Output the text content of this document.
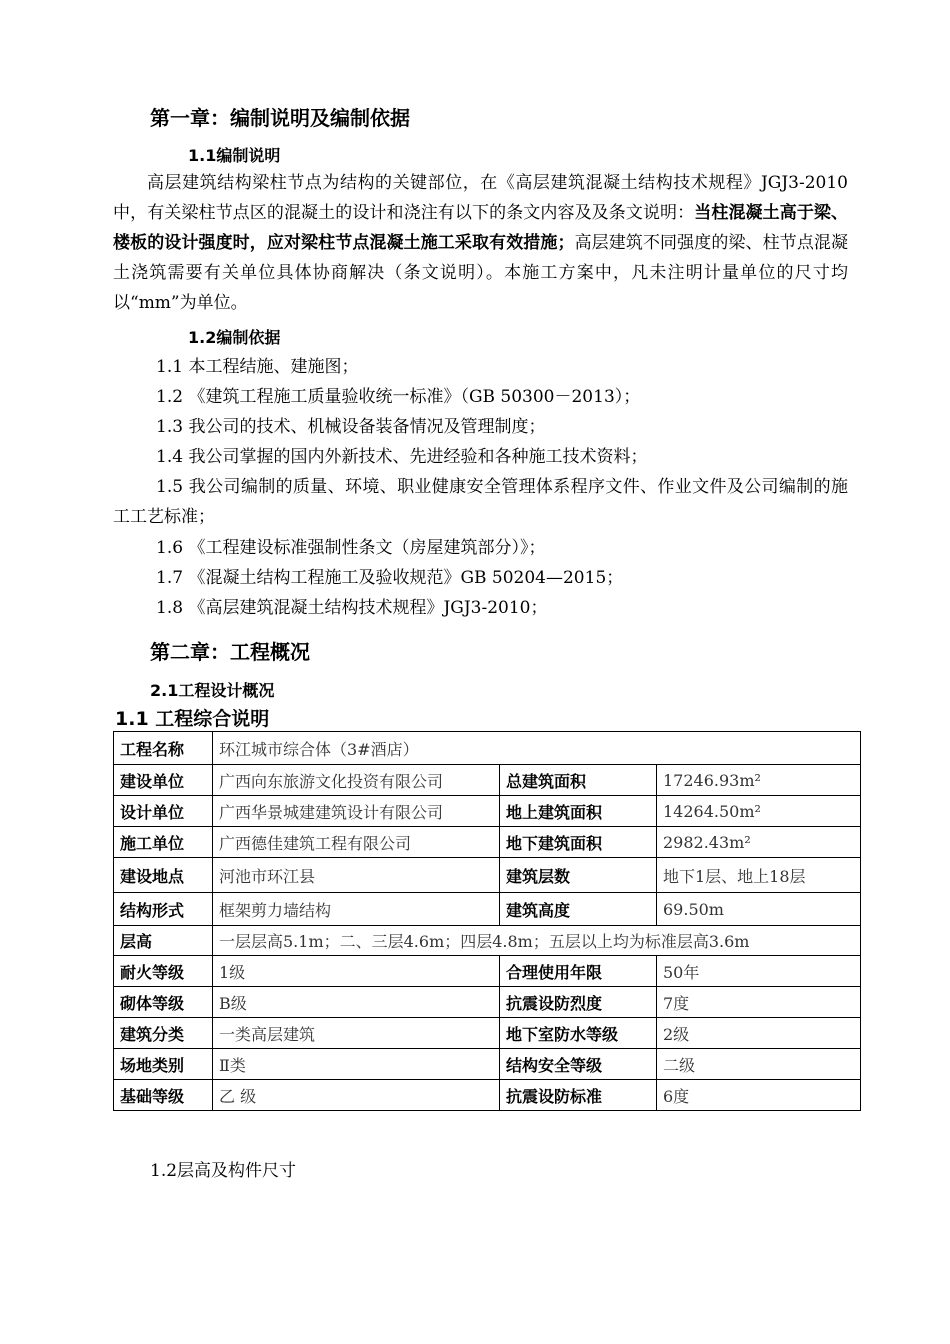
第一章：编制说明及编制依据
1.1编制说明
高层建筑结构梁柱节点为结构的关键部位，在《高层建筑混凝土结构技术规程》JGJ3-2010中，有关梁柱节点区的混凝土的设计和浇注有以下的条文内容及及条文说明：当柱混凝土高于梁、楼板的设计强度时，应对梁柱节点混凝土施工采取有效措施；高层建筑不同强度的梁、柱节点混凝土浇筑需要有关单位具体协商解决（条文说明）。本施工方案中，凡未注明计量单位的尺寸均以“mm”为单位。
1.2编制依据
1.1 本工程结施、建施图；
1.2 《建筑工程施工质量验收统一标准》（GB 50300－2013）；
1.3 我公司的技术、机械设备装备情况及管理制度；
1.4 我公司掌握的国内外新技术、先进经验和各种施工技术资料；
1.5 我公司编制的质量、环境、职业健康安全管理体系程序文件、作业文件及公司编制的施工工艺标准；
1.6 《工程建设标准强制性条文（房屋建筑部分）》；
1.7 《混凝土结构工程施工及验收规范》GB 50204—2015；
1.8 《高层建筑混凝土结构技术规程》JGJ3-2010；
第二章：工程概况
2.1工程设计概况
1.1 工程综合说明
工程名称	环江城市综合体（3#酒店）		
建设单位	广西向东旅游文化投资有限公司	总建筑面积	17246.93m²
设计单位	广西华景城建建筑设计有限公司	地上建筑面积	14264.50m²
施工单位	广西德佳建筑工程有限公司	地下建筑面积	2982.43m²
建设地点	河池市环江县	建筑层数	地下1层、地上18层
结构形式	框架剪力墙结构	建筑高度	69.50m
层高	一层层高5.1m；二、三层4.6m；四层4.8m；五层以上均为标准层高3.6m		
耐火等级	1级	合理使用年限	50年
砌体等级	B级	抗震设防烈度	7度
建筑分类	一类高层建筑	地下室防水等级	2级
场地类别	Ⅱ类	结构安全等级	二级
基础等级	乙 级	抗震设防标准	6度
1.2层高及构件尺寸
